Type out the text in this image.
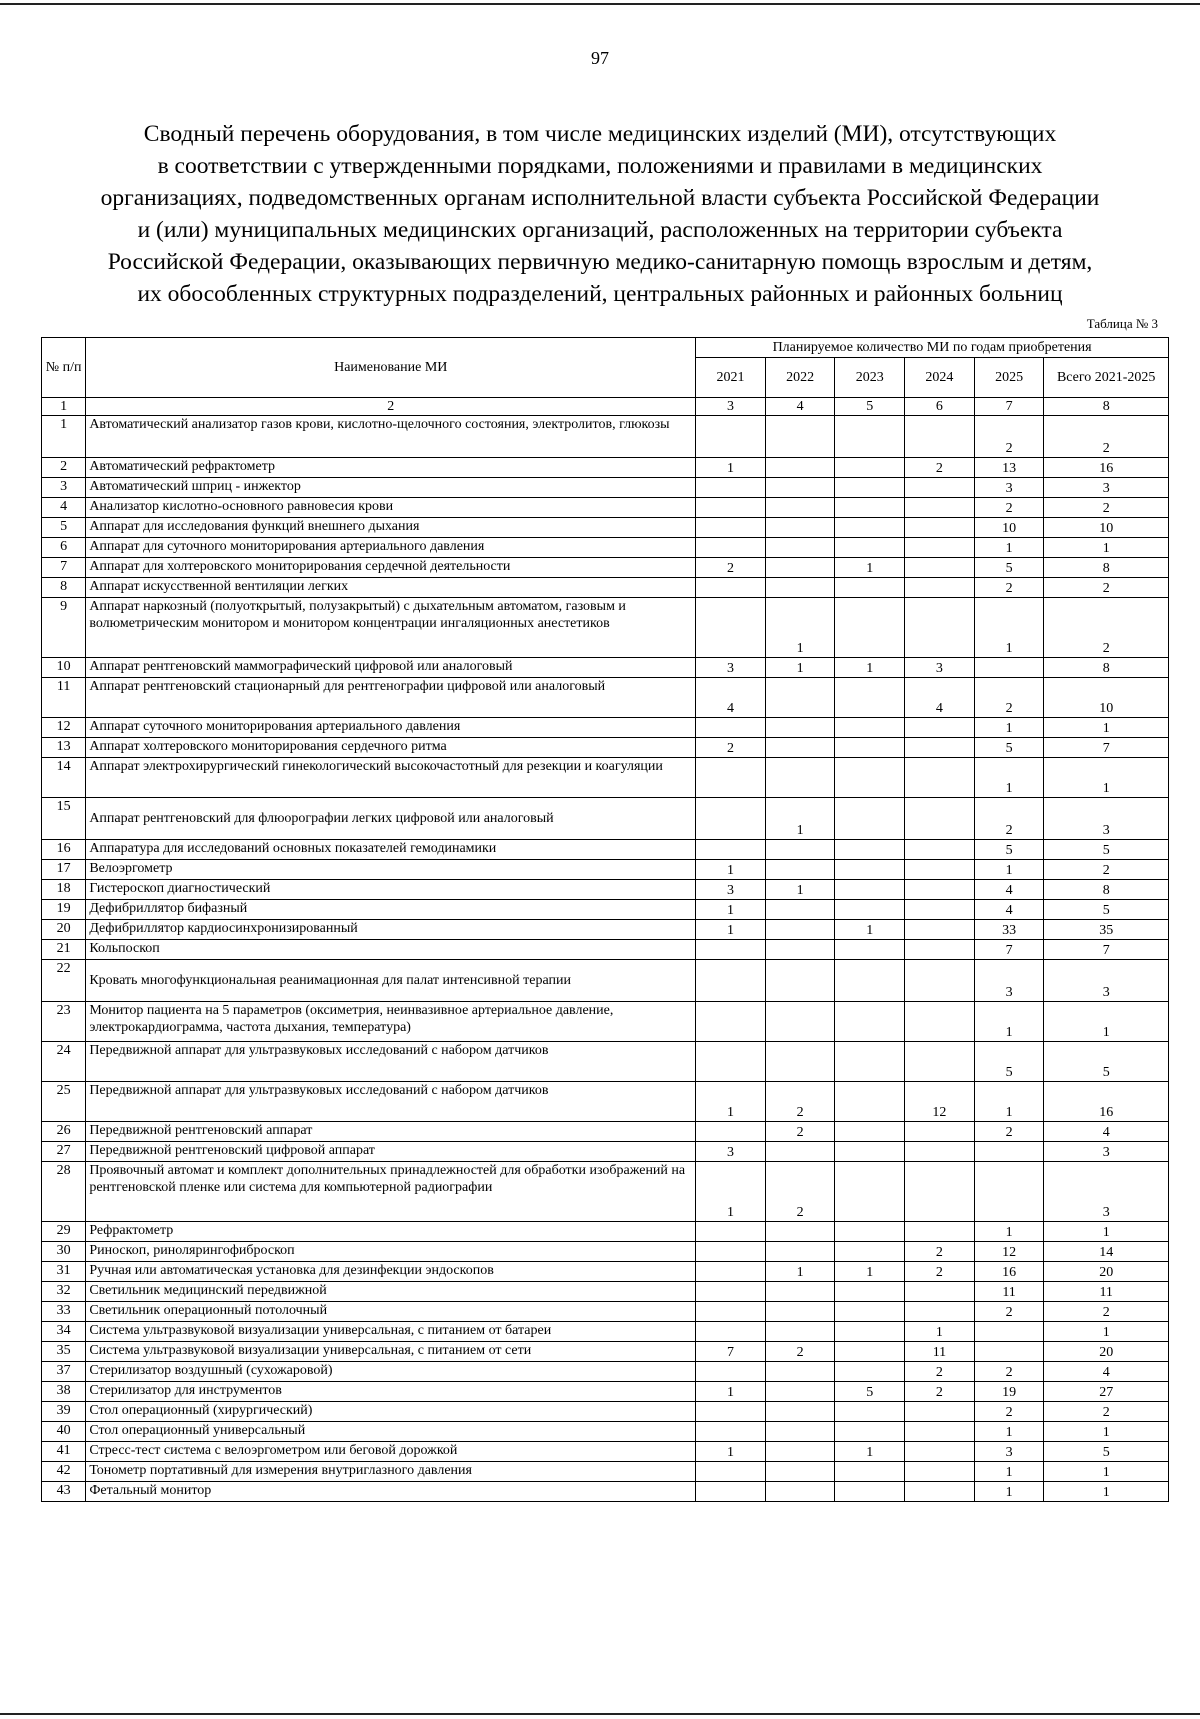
97
Сводный перечень оборудования, в том числе медицинских изделий (МИ), отсутствующих
в соответствии с утвержденными порядками, положениями и правилами в медицинских
организациях, подведомственных органам исполнительной власти субъекта Российской Федерации
и (или) муниципальных медицинских организаций, расположенных на территории субъекта
Российской Федерации, оказывающих первичную медико-санитарную помощь взрослым и детям,
их обособленных структурных подразделений, центральных районных и районных больниц
Таблица № 3
№ п/п	Наименование МИ	Планируемое количество МИ по годам приобретения					
		2021	2022	2023	2024	2025	Всего 2021-2025
1	2	3	4	5	6	7	8
1	Автоматический анализатор газов крови, кислотно-щелочного состояния, электролитов, глюкозы					2	2
2	Автоматический рефрактометр	1			2	13	16
3	Автоматический шприц - инжектор					3	3
4	Анализатор кислотно-основного равновесия крови					2	2
5	Аппарат для исследования функций внешнего дыхания					10	10
6	Аппарат для суточного мониторирования артериального давления					1	1
7	Аппарат для холтеровского мониторирования сердечной деятельности	2		1		5	8
8	Аппарат искусственной вентиляции легких					2	2
9	Аппарат наркозный (полуоткрытый, полузакрытый) с дыхательным автоматом, газовым и волюметрическим монитором и монитором концентрации ингаляционных анестетиков		1			1	2
10	Аппарат рентгеновский маммографический цифровой или аналоговый	3	1	1	3		8
11	Аппарат рентгеновский стационарный для рентгенографии цифровой или аналоговый	4			4	2	10
12	Аппарат суточного мониторирования артериального давления					1	1
13	Аппарат холтеровского мониторирования сердечного ритма	2				5	7
14	Аппарат электрохирургический гинекологический высокочастотный для резекции и коагуляции					1	1
15	Аппарат рентгеновский для флюорографии легких цифровой или аналоговый		1			2	3
16	Аппаратура для исследований основных показателей гемодинамики					5	5
17	Велоэргометр	1				1	2
18	Гистероскоп диагностический	3	1			4	8
19	Дефибриллятор бифазный	1				4	5
20	Дефибриллятор кардиосинхронизированный	1		1		33	35
21	Кольпоскоп					7	7
22	Кровать многофункциональная реанимационная для палат интенсивной терапии					3	3
23	Монитор пациента на 5 параметров (оксиметрия, неинвазивное артериальное давление, электрокардиограмма, частота дыхания, температура)					1	1
24	Передвижной аппарат для ультразвуковых исследований с набором датчиков					5	5
25	Передвижной аппарат для ультразвуковых исследований с набором датчиков	1	2		12	1	16
26	Передвижной рентгеновский аппарат		2			2	4
27	Передвижной рентгеновский цифровой аппарат	3					3
28	Проявочный автомат и комплект дополнительных принадлежностей для обработки изображений на рентгеновской пленке или система для компьютерной радиографии	1	2				3
29	Рефрактометр					1	1
30	Риноскоп, ринолярингофиброскоп				2	12	14
31	Ручная или автоматическая установка для дезинфекции эндоскопов		1	1	2	16	20
32	Светильник медицинский передвижной					11	11
33	Светильник операционный потолочный					2	2
34	Система ультразвуковой визуализации универсальная, с питанием от батареи				1		1
35	Система ультразвуковой визуализации универсальная, с питанием от сети	7	2		11		20
37	Стерилизатор воздушный (сухожаровой)				2	2	4
38	Стерилизатор для инструментов	1		5	2	19	27
39	Стол операционный (хирургический)					2	2
40	Стол операционный универсальный					1	1
41	Стресс-тест система с велоэргометром или беговой дорожкой	1		1		3	5
42	Тонометр портативный для измерения внутриглазного давления					1	1
43	Фетальный монитор					1	1
